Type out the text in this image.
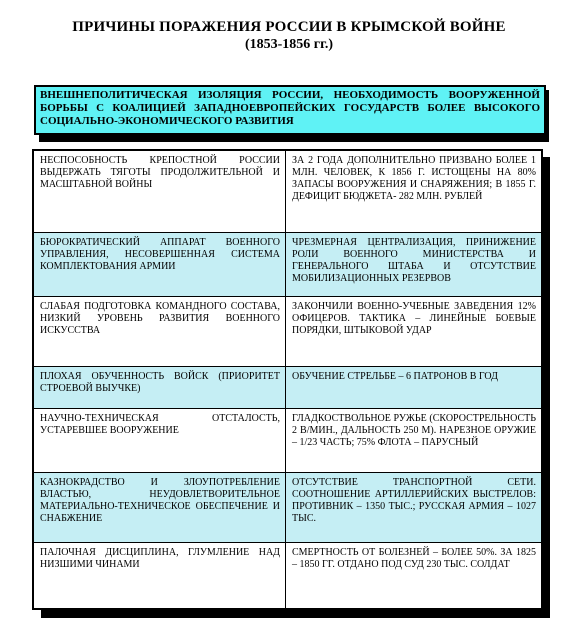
ПРИЧИНЫ ПОРАЖЕНИЯ РОССИИ В КРЫМСКОЙ ВОЙНЕ
(1853-1856 гг.)
ВНЕШНЕПОЛИТИЧЕСКАЯ ИЗОЛЯЦИЯ РОССИИ, НЕОБХОДИМОСТЬ ВООРУЖЕННОЙ БОРЬБЫ С КОАЛИЦИЕЙ ЗАПАДНОЕВРОПЕЙСКИХ ГОСУДАРСТВ БОЛЕЕ ВЫСОКОГО СОЦИАЛЬНО-ЭКОНОМИЧЕСКОГО РАЗВИТИЯ
НЕСПОСОБНОСТЬ КРЕПОСТНОЙ РОССИИ ВЫДЕРЖАТЬ ТЯГОТЫ ПРОДОЛЖИТЕЛЬНОЙ И МАСШТАБНОЙ ВОЙНЫ
ЗА 2 ГОДА ДОПОЛНИТЕЛЬНО ПРИЗВАНО БОЛЕЕ 1 МЛН. ЧЕЛОВЕК, К 1856 Г. ИСТОЩЕНЫ НА 80% ЗАПАСЫ ВООРУЖЕНИЯ И СНАРЯЖЕНИЯ; В 1855 Г. ДЕФИЦИТ БЮДЖЕТА- 282 МЛН. РУБЛЕЙ
БЮРОКРАТИЧЕСКИЙ АППАРАТ ВОЕННОГО УПРАВЛЕНИЯ, НЕСОВЕРШЕННАЯ СИСТЕМА КОМПЛЕКТОВАНИЯ АРМИИ
ЧРЕЗМЕРНАЯ ЦЕНТРАЛИЗАЦИЯ, ПРИНИЖЕНИЕ РОЛИ ВОЕННОГО МИНИСТЕРСТВА И ГЕНЕРАЛЬНОГО ШТАБА И ОТСУТСТВИЕ МОБИЛИЗАЦИОННЫХ РЕЗЕРВОВ
СЛАБАЯ ПОДГОТОВКА КОМАНДНОГО СОСТАВА, НИЗКИЙ УРОВЕНЬ РАЗВИТИЯ ВОЕННОГО ИСКУССТВА
ЗАКОНЧИЛИ ВОЕННО-УЧЕБНЫЕ ЗАВЕДЕНИЯ 12% ОФИЦЕРОВ. ТАКТИКА – ЛИНЕЙНЫЕ БОЕВЫЕ ПОРЯДКИ, ШТЫКОВОЙ УДАР
ПЛОХАЯ ОБУЧЕННОСТЬ ВОЙСК (ПРИОРИТЕТ СТРОЕВОЙ ВЫУЧКЕ)
ОБУЧЕНИЕ СТРЕЛЬБЕ – 6 ПАТРОНОВ В ГОД
НАУЧНО-ТЕХНИЧЕСКАЯ ОТСТАЛОСТЬ, УСТАРЕВШЕЕ ВООРУЖЕНИЕ
ГЛАДКОСТВОЛЬНОЕ РУЖЬЕ (СКОРОСТРЕЛЬНОСТЬ 2 В/МИН., ДАЛЬНОСТЬ 250 М). НАРЕЗНОЕ ОРУЖИЕ – 1/23 ЧАСТЬ; 75% ФЛОТА – ПАРУСНЫЙ
КАЗНОКРАДСТВО И ЗЛОУПОТРЕБЛЕНИЕ ВЛАСТЬЮ, НЕУДОВЛЕТВОРИТЕЛЬНОЕ МАТЕРИАЛЬНО-ТЕХНИЧЕСКОЕ ОБЕСПЕЧЕНИЕ И СНАБЖЕНИЕ
ОТСУТСТВИЕ ТРАНСПОРТНОЙ СЕТИ. СООТНОШЕНИЕ АРТИЛЛЕРИЙСКИХ ВЫСТРЕЛОВ: ПРОТИВНИК – 1350 ТЫС.; РУССКАЯ АРМИЯ – 1027 ТЫС.
ПАЛОЧНАЯ ДИСЦИПЛИНА, ГЛУМЛЕНИЕ НАД НИЗШИМИ ЧИНАМИ
СМЕРТНОСТЬ ОТ БОЛЕЗНЕЙ – БОЛЕЕ 50%. ЗА 1825 – 1850 ГГ. ОТДАНО ПОД СУД 230 ТЫС. СОЛДАТ
